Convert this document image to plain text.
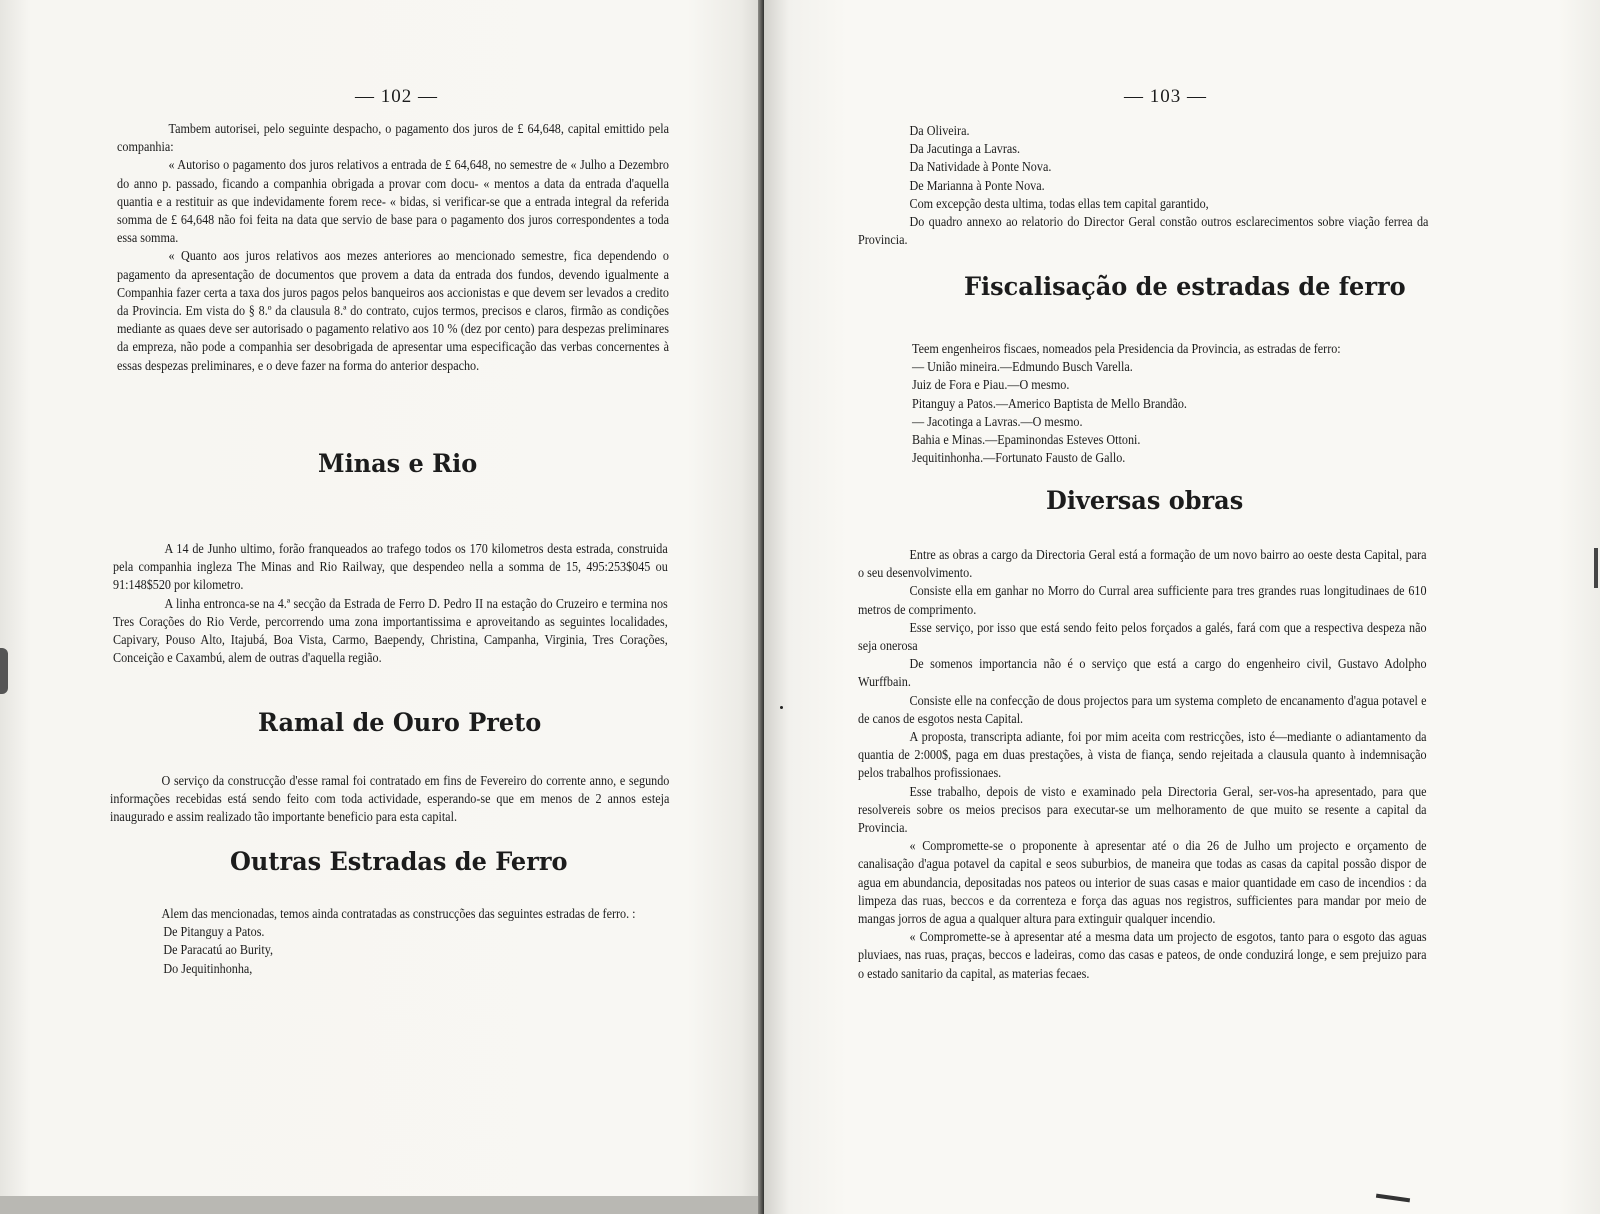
— 102 —

Tambem autorisei, pelo seguinte despacho, o pagamento dos juros de £ 64,648, capital emittido pela companhia:

« Autoriso o pagamento dos juros relativos a entrada de £ 64,648, no semestre de « Julho a Dezembro do anno p. passado, ficando a companhia obrigada a provar com docu- « mentos a data da entrada d'aquella quantia e a restituir as que indevidamente forem rece- « bidas, si verificar-se que a entrada integral da referida somma de £ 64,648 não foi feita na data que servio de base para o pagamento dos juros correspondentes a toda essa somma.

« Quanto aos juros relativos aos mezes anteriores ao mencionado semestre, fica dependendo o pagamento da apresentação de documentos que provem a data da entrada dos fundos, devendo igualmente a Companhia fazer certa a taxa dos juros pagos pelos banqueiros aos accionistas e que devem ser levados a credito da Provincia. Em vista do § 8.º da clausula 8.ª do contrato, cujos termos, precisos e claros, firmão as condições mediante as quaes deve ser autorisado o pagamento relativo aos 10 % (dez por cento) para despezas preliminares da empreza, não pode a companhia ser desobrigada de apresentar uma especificação das verbas concernentes à essas despezas preliminares, e o deve fazer na forma do anterior despacho.

Minas e Rio

A 14 de Junho ultimo, forão franqueados ao trafego todos os 170 kilometros desta estrada, construida pela companhia ingleza The Minas and Rio Railway, que despendeo nella a somma de 15, 495:253$045 ou 91:148$520 por kilometro.

A linha entronca-se na 4.ª secção da Estrada de Ferro D. Pedro II na estação do Cruzeiro e termina nos Tres Corações do Rio Verde, percorrendo uma zona importantissima e aproveitando as seguintes localidades, Capivary, Pouso Alto, Itajubá, Boa Vista, Carmo, Baependy, Christina, Campanha, Virginia, Tres Corações, Conceição e Caxambú, alem de outras d'aquella região.

Ramal de Ouro Preto

O serviço da construcção d'esse ramal foi contratado em fins de Fevereiro do corrente anno, e segundo informações recebidas está sendo feito com toda actividade, esperando-se que em menos de 2 annos esteja inaugurado e assim realizado tão importante beneficio para esta capital.

Outras Estradas de Ferro

Alem das mencionadas, temos ainda contratadas as construcções das seguintes estradas de ferro. :

De Pitanguy a Patos.

De Paracatú ao Burity,

Do Jequitinhonha,

— 103 —

Da Oliveira.

Da Jacutinga a Lavras.

Da Natividade à Ponte Nova.

De Marianna à Ponte Nova.

Com excepção desta ultima, todas ellas tem capital garantido,

Do quadro annexo ao relatorio do Director Geral constão outros esclarecimentos sobre viação ferrea da Provincia.

Fiscalisação de estradas de ferro

Teem engenheiros fiscaes, nomeados pela Presidencia da Provincia, as estradas de ferro:

— União mineira.—Edmundo Busch Varella.

Juiz de Fora e Piau.—O mesmo.

Pitanguy a Patos.—Americo Baptista de Mello Brandão.

— Jacotinga a Lavras.—O mesmo.

Bahia e Minas.—Epaminondas Esteves Ottoni.

Jequitinhonha.—Fortunato Fausto de Gallo.

Diversas obras

Entre as obras a cargo da Directoria Geral está a formação de um novo bairro ao oeste desta Capital, para o seu desenvolvimento.

Consiste ella em ganhar no Morro do Curral area sufficiente para tres grandes ruas longitudinaes de 610 metros de comprimento.

Esse serviço, por isso que está sendo feito pelos forçados a galés, fará com que a respectiva despeza não seja onerosa

De somenos importancia não é o serviço que está a cargo do engenheiro civil, Gustavo Adolpho Wurffbain.

Consiste elle na confecção de dous projectos para um systema completo de encanamento d'agua potavel e de canos de esgotos nesta Capital.

A proposta, transcripta adiante, foi por mim aceita com restricções, isto é—mediante o adiantamento da quantia de 2:000$, paga em duas prestações, à vista de fiança, sendo rejeitada a clausula quanto à indemnisação pelos trabalhos profissionaes.

Esse trabalho, depois de visto e examinado pela Directoria Geral, ser-vos-ha apresentado, para que resolvereis sobre os meios precisos para executar-se um melhoramento de que muito se resente a capital da Provincia.

« Compromette-se o proponente à apresentar até o dia 26 de Julho um projecto e orçamento de canalisação d'agua potavel da capital e seos suburbios, de maneira que todas as casas da capital possão dispor de agua em abundancia, depositadas nos pateos ou interior de suas casas e maior quantidade em caso de incendios : da limpeza das ruas, beccos e da correnteza e força das aguas nos registros, sufficientes para mandar por meio de mangas jorros de agua a qualquer altura para extinguir qualquer incendio.

« Compromette-se à apresentar até a mesma data um projecto de esgotos, tanto para o esgoto das aguas pluviaes, nas ruas, praças, beccos e ladeiras, como das casas e pateos, de onde conduzirá longe, e sem prejuizo para o estado sanitario da capital, as materias fecaes.
